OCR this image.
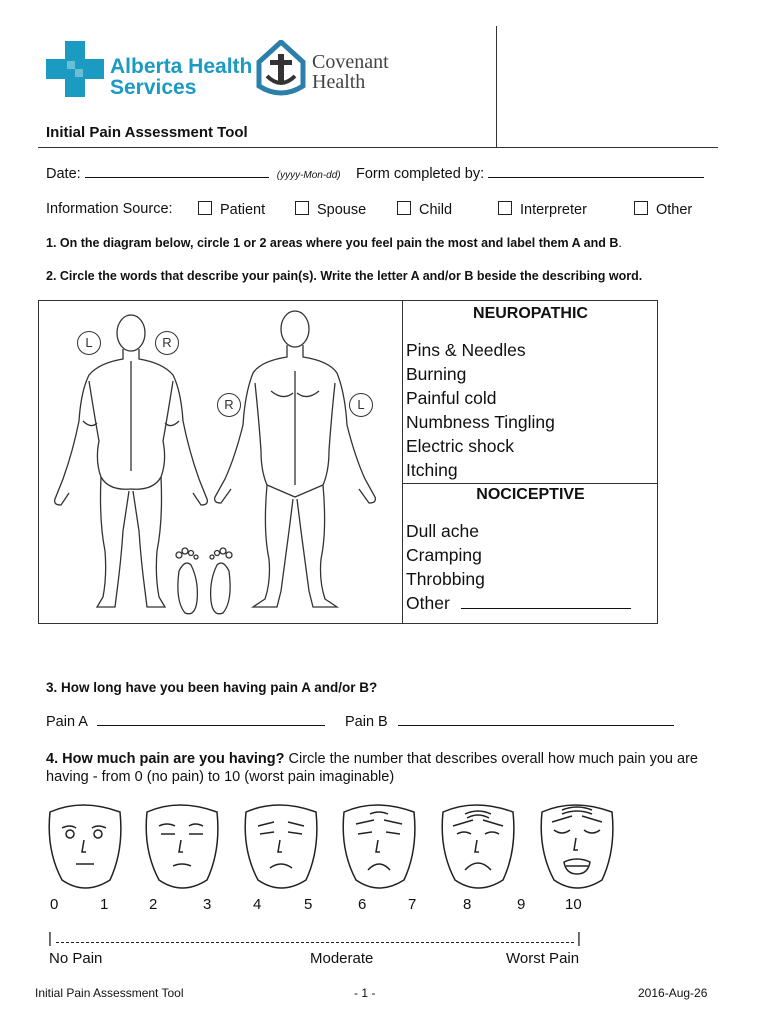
Alberta Health
Services
Covenant
Health
Initial Pain Assessment Tool
Date:	(yyyy-Mon-dd) Form completed by:
Information Source:	Patient	Spouse	Child	Interpreter	Other
1. On the diagram below, circle 1 or 2 areas where you feel pain the most and label them A and B.
2. Circle the words that describe your pain(s). Write the letter A and/or B beside the describing word.
L	R
R	L
NEUROPATHIC
Pins & Needles
Burning
Painful cold
Numbness Tingling
Electric shock
Itching
NOCICEPTIVE
Dull ache
Cramping
Throbbing
Other
3. How long have you been having pain A and/or B?
Pain A	Pain B
4. How much pain are you having? Circle the number that describes overall how much pain you are having - from 0 (no pain) to 10 (worst pain imaginable)
0	1	2	3	4	5	6	7	8	9	10
|	|
No Pain	Moderate	Worst Pain
Initial Pain Assessment Tool	- 1 -	2016-Aug-26
